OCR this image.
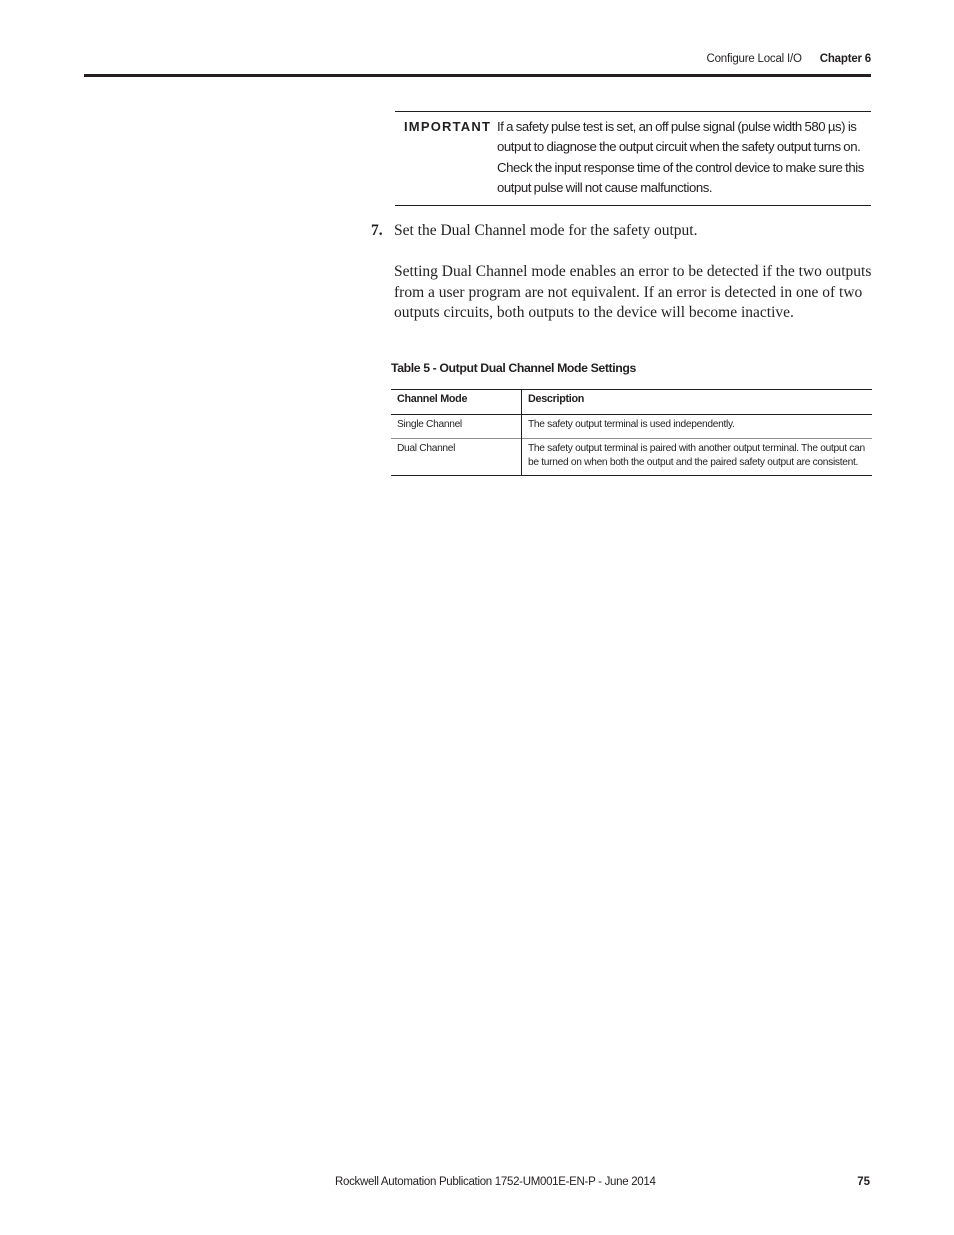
Configure Local I/O Chapter 6
IMPORTANT If a safety pulse test is set, an off pulse signal (pulse width 580 µs) is output to diagnose the output circuit when the safety output turns on. Check the input response time of the control device to make sure this output pulse will not cause malfunctions.
7. Set the Dual Channel mode for the safety output.
Setting Dual Channel mode enables an error to be detected if the two outputs from a user program are not equivalent. If an error is detected in one of two outputs circuits, both outputs to the device will become inactive.
Table 5 - Output Dual Channel Mode Settings
Channel Mode	Description
Single Channel	The safety output terminal is used independently.
Dual Channel	The safety output terminal is paired with another output terminal. The output can be turned on when both the output and the paired safety output are consistent.
Rockwell Automation Publication 1752-UM001E-EN-P - June 2014	75
